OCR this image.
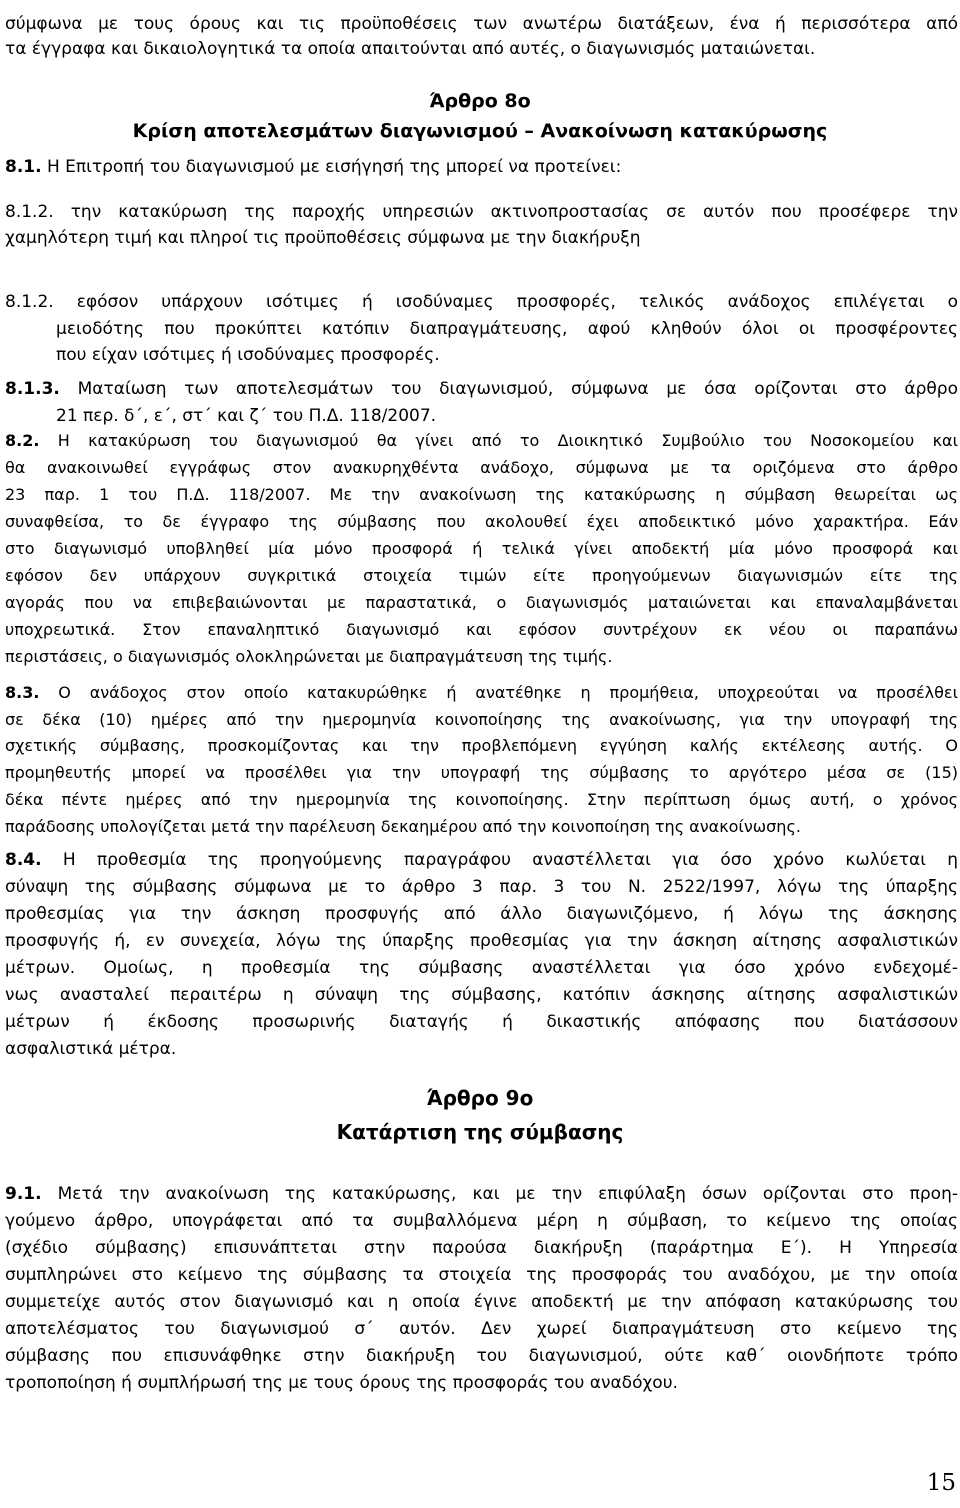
σύμφωνα με τους όρους και τις προϋποθέσεις των ανωτέρω διατάξεων, ένα ή περισσότερα από
τα έγγραφα και δικαιολογητικά τα οποία απαιτούνται από αυτές, ο διαγωνισμός ματαιώνεται.
Άρθρο 8ο
Κρίση αποτελεσμάτων διαγωνισμού – Ανακοίνωση κατακύρωσης
8.1. Η Επιτροπή του διαγωνισμού με εισήγησή της μπορεί να προτείνει:
8.1.2. την κατακύρωση της παροχής υπηρεσιών ακτινοπροστασίας σε αυτόν που προσέφερε την
χαμηλότερη τιμή και πληροί τις προϋποθέσεις σύμφωνα με την διακήρυξη
8.1.2. εφόσον υπάρχουν ισότιμες ή ισοδύναμες προσφορές, τελικός ανάδοχος επιλέγεται ο
μειοδότης που προκύπτει κατόπιν διαπραγμάτευσης, αφού κληθούν όλοι οι προσφέροντες
που είχαν ισότιμες ή ισοδύναμες προσφορές.
8.1.3. Ματαίωση των αποτελεσμάτων του διαγωνισμού, σύμφωνα με όσα ορίζονται στο άρθρο
21 περ. δ΄, ε΄, στ΄ και ζ΄ του Π.Δ. 118/2007.
8.2. Η κατακύρωση του διαγωνισμού θα γίνει από το Διοικητικό Συμβούλιο του Νοσοκομείου και
θα ανακοινωθεί εγγράφως στον ανακυρηχθέντα ανάδοχο, σύμφωνα με τα οριζόμενα στο άρθρο
23 παρ. 1 του Π.Δ. 118/2007. Με την ανακοίνωση της κατακύρωσης η σύμβαση θεωρείται ως
συναφθείσα, το δε έγγραφο της σύμβασης που ακολουθεί έχει αποδεικτικό μόνο χαρακτήρα. Εάν
στο διαγωνισμό υποβληθεί μία μόνο προσφορά ή τελικά γίνει αποδεκτή μία μόνο προσφορά και
εφόσον δεν υπάρχουν συγκριτικά στοιχεία τιμών είτε προηγούμενων διαγωνισμών είτε της
αγοράς που να επιβεβαιώνονται με παραστατικά, ο διαγωνισμός ματαιώνεται και επαναλαμβάνεται
υποχρεωτικά. Στον επαναληπτικό διαγωνισμό και εφόσον συντρέχουν εκ νέου οι παραπάνω
περιστάσεις, ο διαγωνισμός ολοκληρώνεται με διαπραγμάτευση της τιμής.
8.3. Ο ανάδοχος στον οποίο κατακυρώθηκε ή ανατέθηκε η προμήθεια, υποχρεούται να προσέλθει
σε δέκα (10) ημέρες από την ημερομηνία κοινοποίησης της ανακοίνωσης, για την υπογραφή της
σχετικής σύμβασης, προσκομίζοντας και την προβλεπόμενη εγγύηση καλής εκτέλεσης αυτής. Ο
προμηθευτής μπορεί να προσέλθει για την υπογραφή της σύμβασης το αργότερο μέσα σε (15)
δέκα πέντε ημέρες από την ημερομηνία της κοινοποίησης. Στην περίπτωση όμως αυτή, ο χρόνος
παράδοσης υπολογίζεται μετά την παρέλευση δεκαημέρου από την κοινοποίηση της ανακοίνωσης.
8.4. Η προθεσμία της προηγούμενης παραγράφου αναστέλλεται για όσο χρόνο κωλύεται η
σύναψη της σύμβασης σύμφωνα με το άρθρο 3 παρ. 3 του Ν. 2522/1997, λόγω της ύπαρξης
προθεσμίας για την άσκηση προσφυγής από άλλο διαγωνιζόμενο, ή λόγω της άσκησης
προσφυγής ή, εν συνεχεία, λόγω της ύπαρξης προθεσμίας για την άσκηση αίτησης ασφαλιστικών
μέτρων. Ομοίως, η προθεσμία της σύμβασης αναστέλλεται για όσο χρόνο ενδεχομέ-
νως ανασταλεί περαιτέρω η σύναψη της σύμβασης, κατόπιν άσκησης αίτησης ασφαλιστικών
μέτρων ή έκδοσης προσωρινής διαταγής ή δικαστικής απόφασης που διατάσσουν
ασφαλιστικά μέτρα.
Άρθρο 9ο
Κατάρτιση της σύμβασης
9.1. Μετά την ανακοίνωση της κατακύρωσης, και με την επιφύλαξη όσων ορίζονται στο προη-
γούμενο άρθρο, υπογράφεται από τα συμβαλλόμενα μέρη η σύμβαση, το κείμενο της οποίας
(σχέδιο σύμβασης) επισυνάπτεται στην παρούσα διακήρυξη (παράρτημα Ε΄). Η Υπηρεσία
συμπληρώνει στο κείμενο της σύμβασης τα στοιχεία της προσφοράς του αναδόχου, με την οποία
συμμετείχε αυτός στον διαγωνισμό και η οποία έγινε αποδεκτή με την απόφαση κατακύρωσης του
αποτελέσματος του διαγωνισμού σ΄ αυτόν. Δεν χωρεί διαπραγμάτευση στο κείμενο της
σύμβασης που επισυνάφθηκε στην διακήρυξη του διαγωνισμού, ούτε καθ΄ οιονδήποτε τρόπο
τροποποίηση ή συμπλήρωσή της με τους όρους της προσφοράς του αναδόχου.
15
